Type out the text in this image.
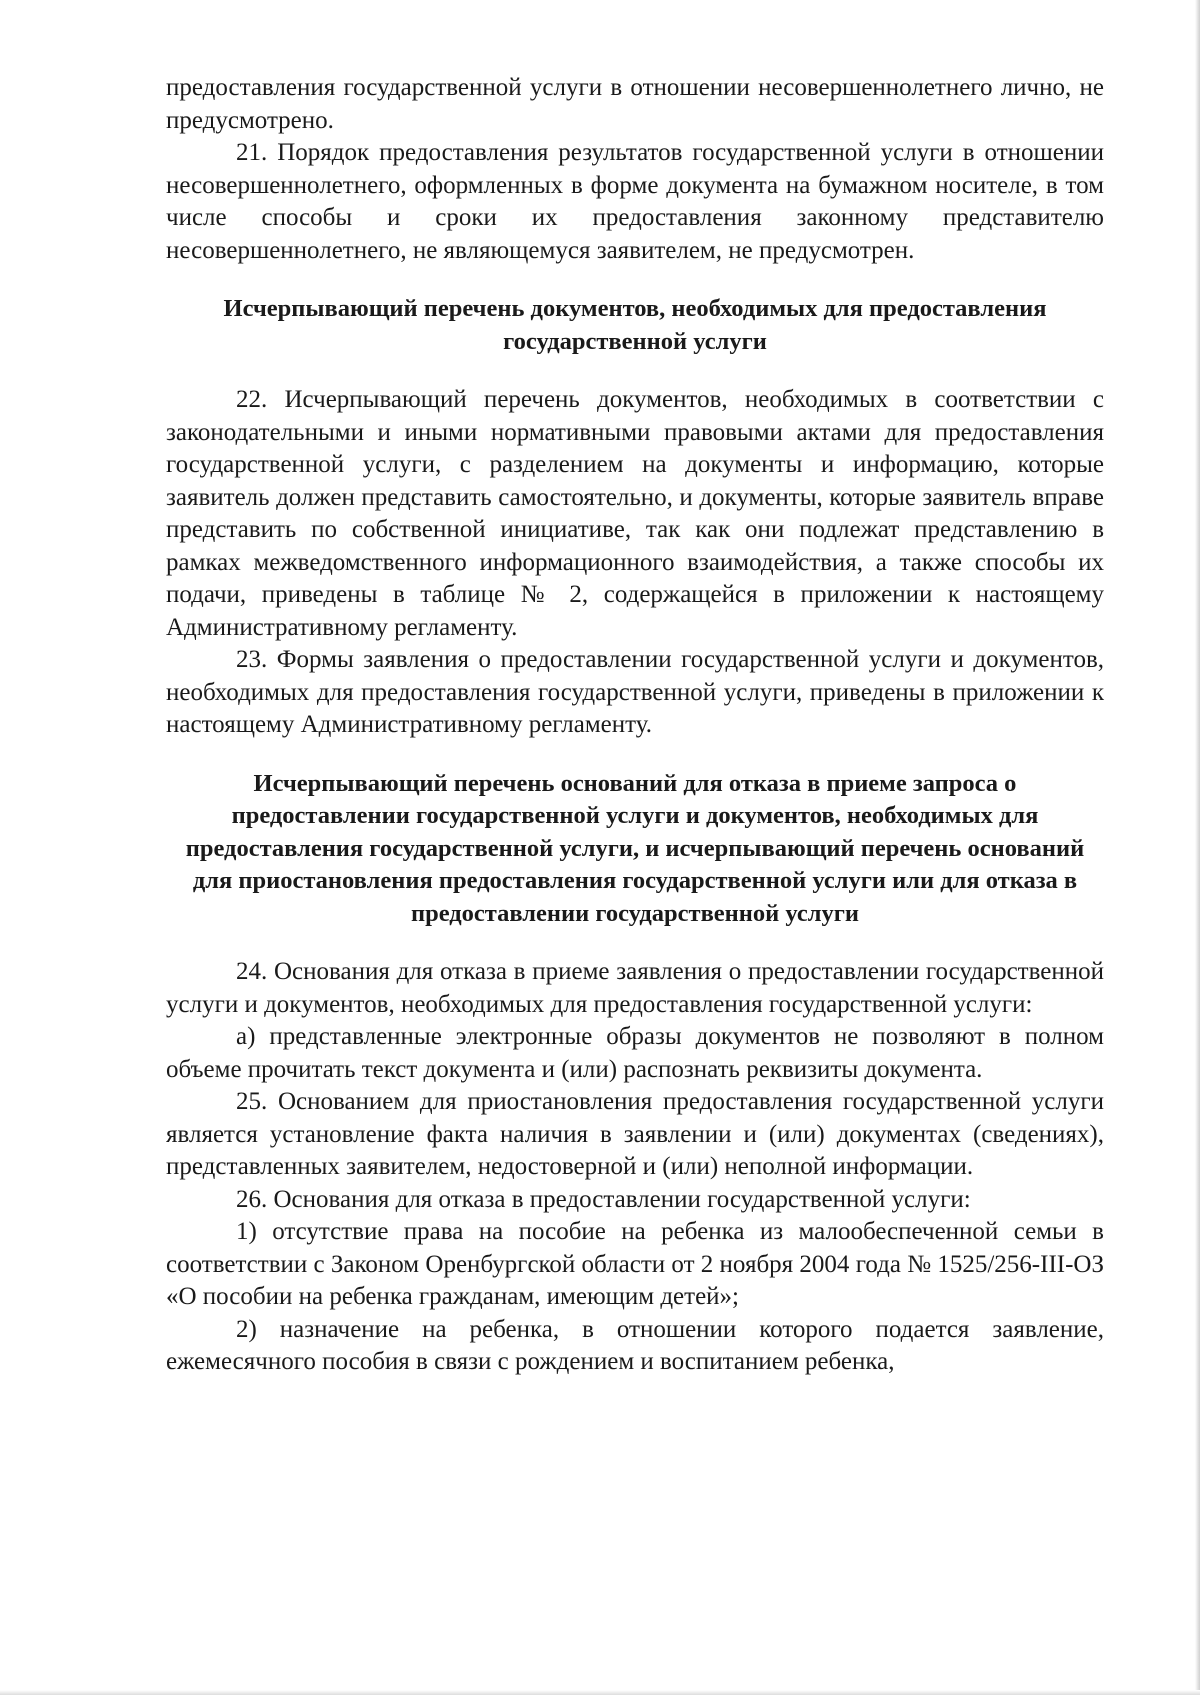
предоставления государственной услуги в отношении несовершеннолетнего лично, не предусмотрено.

21. Порядок предоставления результатов государственной услуги в отношении несовершеннолетнего, оформленных в форме документа на бумажном носителе, в том числе способы и сроки их предоставления законному представителю несовершеннолетнего, не являющемуся заявителем, не предусмотрен.

Исчерпывающий перечень документов, необходимых для предоставления государственной услуги

22. Исчерпывающий перечень документов, необходимых в соответствии с законодательными и иными нормативными правовыми актами для предоставления государственной услуги, с разделением на документы и информацию, которые заявитель должен представить самостоятельно, и документы, которые заявитель вправе представить по собственной инициативе, так как они подлежат представлению в рамках межведомственного информационного взаимодействия, а также способы их подачи, приведены в таблице № 2, содержащейся в приложении к настоящему Административному регламенту.

23. Формы заявления о предоставлении государственной услуги и документов, необходимых для предоставления государственной услуги, приведены в приложении к настоящему Административному регламенту.

Исчерпывающий перечень оснований для отказа в приеме запроса о предоставлении государственной услуги и документов, необходимых для предоставления государственной услуги, и исчерпывающий перечень оснований для приостановления предоставления государственной услуги или для отказа в предоставлении государственной услуги

24. Основания для отказа в приеме заявления о предоставлении государственной услуги и документов, необходимых для предоставления государственной услуги:

а) представленные электронные образы документов не позволяют в полном объеме прочитать текст документа и (или) распознать реквизиты документа.

25. Основанием для приостановления предоставления государственной услуги является установление факта наличия в заявлении и (или) документах (сведениях), представленных заявителем, недостоверной и (или) неполной информации.

26. Основания для отказа в предоставлении государственной услуги:

1) отсутствие права на пособие на ребенка из малообеспеченной семьи в соответствии с Законом Оренбургской области от 2 ноября 2004 года № 1525/256-III-ОЗ «О пособии на ребенка гражданам, имеющим детей»;

2) назначение на ребенка, в отношении которого подается заявление, ежемесячного пособия в связи с рождением и воспитанием ребенка,
